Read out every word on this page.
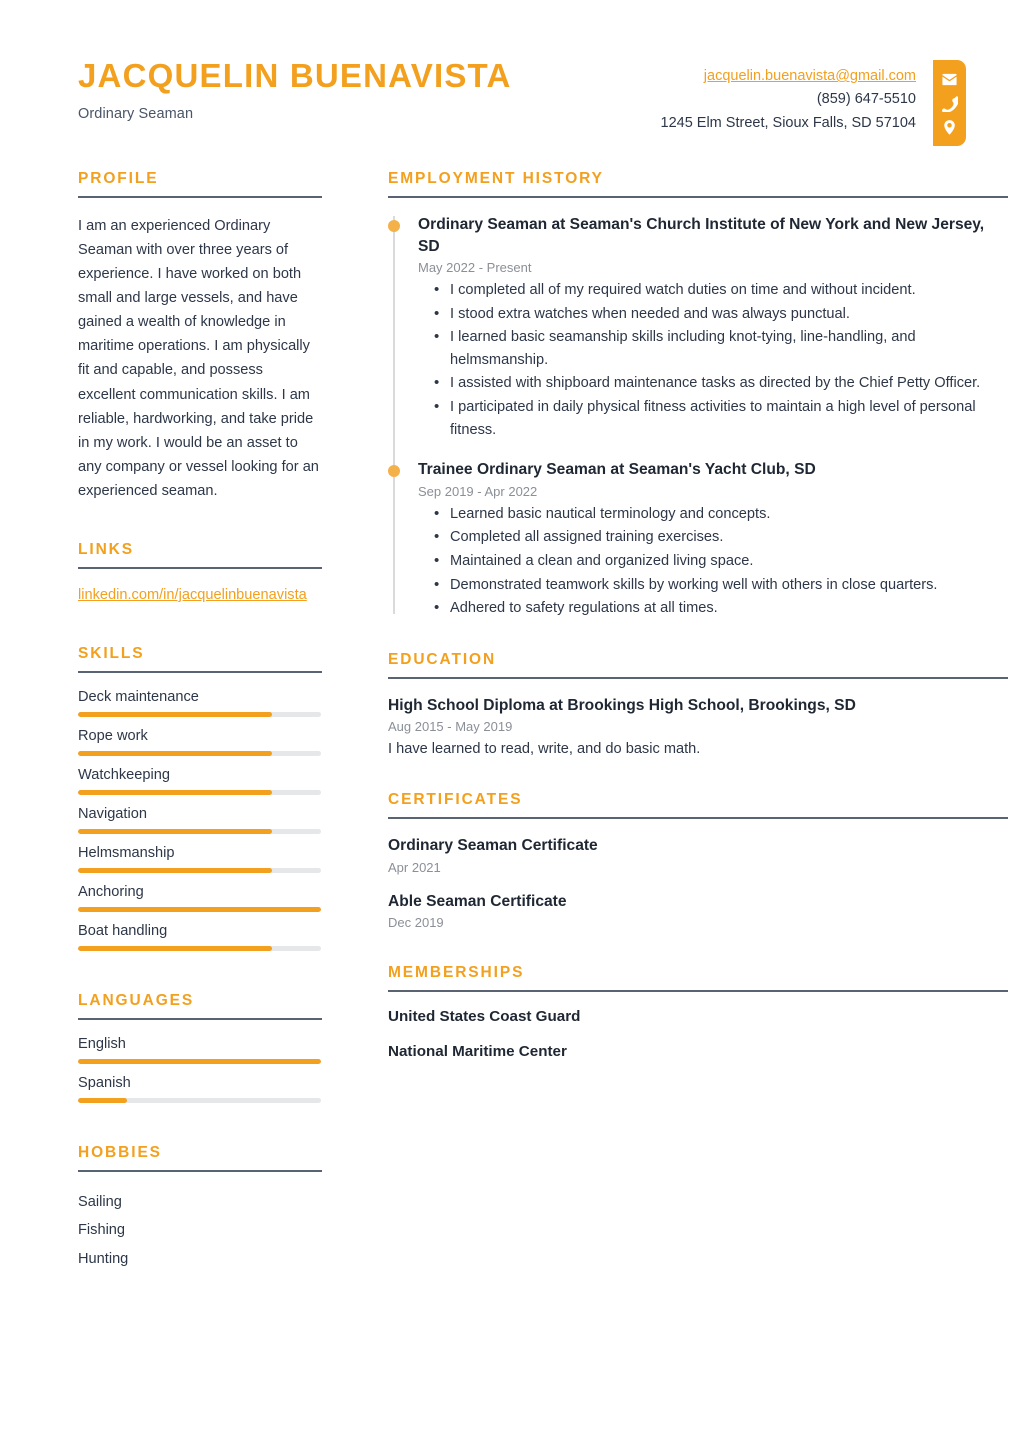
JACQUELIN BUENAVISTA
Ordinary Seaman
jacquelin.buenavista@gmail.com
(859) 647-5510
1245 Elm Street, Sioux Falls, SD 57104
PROFILE
I am an experienced Ordinary Seaman with over three years of experience. I have worked on both small and large vessels, and have gained a wealth of knowledge in maritime operations. I am physically fit and capable, and possess excellent communication skills. I am reliable, hardworking, and take pride in my work. I would be an asset to any company or vessel looking for an experienced seaman.
LINKS
linkedin.com/in/jacquelinbuenavista
SKILLS
Deck maintenance
Rope work
Watchkeeping
Navigation
Helmsmanship
Anchoring
Boat handling
LANGUAGES
English
Spanish
HOBBIES
Sailing
Fishing
Hunting
EMPLOYMENT HISTORY
Ordinary Seaman at Seaman's Church Institute of New York and New Jersey, SD
May 2022 - Present
• I completed all of my required watch duties on time and without incident.
• I stood extra watches when needed and was always punctual.
• I learned basic seamanship skills including knot-tying, line-handling, and helmsmanship.
• I assisted with shipboard maintenance tasks as directed by the Chief Petty Officer.
• I participated in daily physical fitness activities to maintain a high level of personal fitness.
Trainee Ordinary Seaman at Seaman's Yacht Club, SD
Sep 2019 - Apr 2022
• Learned basic nautical terminology and concepts.
• Completed all assigned training exercises.
• Maintained a clean and organized living space.
• Demonstrated teamwork skills by working well with others in close quarters.
• Adhered to safety regulations at all times.
EDUCATION
High School Diploma at Brookings High School, Brookings, SD
Aug 2015 - May 2019
I have learned to read, write, and do basic math.
CERTIFICATES
Ordinary Seaman Certificate
Apr 2021
Able Seaman Certificate
Dec 2019
MEMBERSHIPS
United States Coast Guard
National Maritime Center
